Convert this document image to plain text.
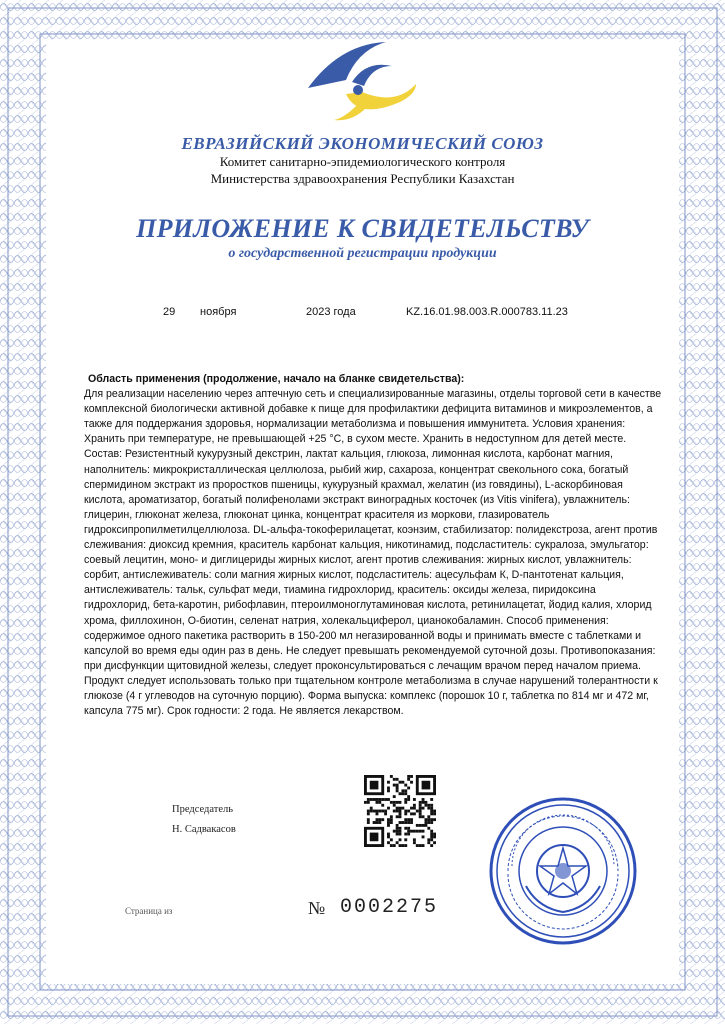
ЕВРАЗИЙСКИЙ ЭКОНОМИЧЕСКИЙ СОЮЗ
Комитет санитарно-эпидемиологического контроля
Министерства здравоохранения Республики Казахстан
ПРИЛОЖЕНИЕ К СВИДЕТЕЛЬСТВУ
о государственной регистрации продукции
29 ноября	2023 года	KZ.16.01.98.003.R.000783.11.23
Область применения (продолжение, начало на бланке свидетельства):
Для реализации населению через аптечную сеть и специализированные магазины, отделы торговой сети в качестве комплексной биологически активной добавке к пище для профилактики дефицита витаминов и микроэлементов, а также для поддержания здоровья, нормализации метаболизма и повышения иммунитета. Условия хранения: Хранить при температуре, не превышающей +25 °С, в сухом месте. Хранить в недоступном для детей месте. Состав: Резистентный кукурузный декстрин, лактат кальция, глюкоза, лимонная кислота, карбонат магния, наполнитель: микрокристаллическая целлюлоза, рыбий жир, сахароза, концентрат свекольного сока, богатый спермидином экстракт из проростков пшеницы, кукурузный крахмал, желатин (из говядины), L-аскорбиновая кислота, ароматизатор, богатый полифенолами экстракт виноградных косточек (из Vitis vinifera), увлажнитель: глицерин, глюконат железа, глюконат цинка, концентрат красителя из моркови, глазирователь гидроксипропилметилцеллюлоза. DL-альфа-токоферилацетат, коэнзим, стабилизатор: полидекстроза, агент против слеживания: диоксид кремния, краситель карбонат кальция, никотинамид, подсластитель: сукралоза, эмульгатор: соевый лецитин, моно- и диглицериды жирных кислот, агент против слеживания: жирных кислот, увлажнитель: сорбит, антислеживатель: соли магния жирных кислот, подсластитель: ацесульфам К, D-пантотенат кальция, антислеживатель: тальк, сульфат меди, тиамина гидрохлорид, краситель: оксиды железа, пиридоксина гидрохлорид, бета-каротин, рибофлавин, птероилмоноглутаминовая кислота, ретинилацетат, йодид калия, хлорид хрома, филлохинон, О-биотин, селенат натрия, холекальциферол, цианокобаламин. Способ применения: содержимое одного пакетика растворить в 150-200 мл негазированной воды и принимать вместе с таблетками и капсулой во время еды один раз в день. Не следует превышать рекомендуемой суточной дозы. Противопоказания: при дисфункции щитовидной железы, следует проконсультироваться с лечащим врачом перед началом приема. Продукт следует использовать только при тщательном контроле метаболизма в случае нарушений толерантности к глюкозе (4 г углеводов на суточную порцию). Форма выпуска: комплекс (порошок 10 г, таблетка по 814 мг и 472 мг, капсула 775 мг). Срок годности: 2 года. Не является лекарством.
Председатель
Н. Садвакасов
Страница из	№ 0002275
